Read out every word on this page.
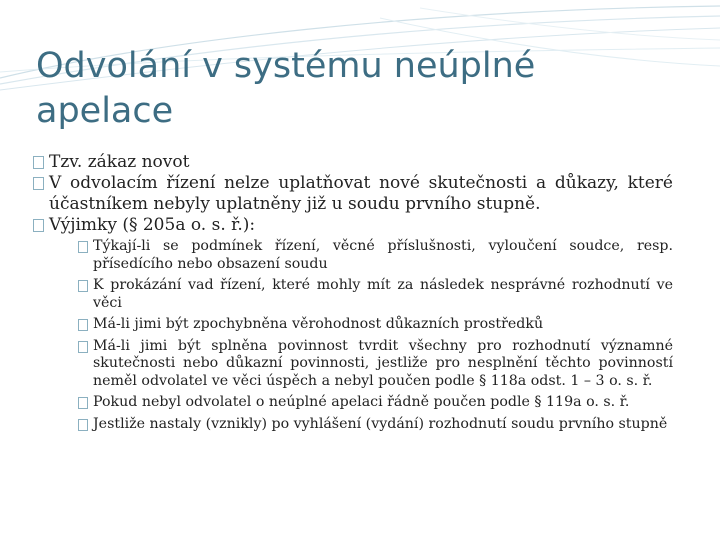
Odvolání v systému neúplné apelace
Tzv. zákaz novot
V odvolacím řízení nelze uplatňovat nové skutečnosti a důkazy, které účastníkem nebyly uplatněny již u soudu prvního stupně.
Výjimky (§ 205a o. s. ř.):
Týkají-li se podmínek řízení, věcné příslušnosti, vyloučení soudce, resp. přísedícího nebo obsazení soudu
K prokázání vad řízení, které mohly mít za následek nesprávné rozhodnutí ve věci
Má-li jimi být zpochybněna věrohodnost důkazních prostředků
Má-li jimi být splněna povinnost tvrdit všechny pro rozhodnutí významné skutečnosti nebo důkazní povinnosti, jestliže pro nesplnění těchto povinností neměl odvolatel ve věci úspěch a nebyl poučen podle § 118a odst. 1 – 3 o. s. ř.
Pokud nebyl odvolatel o neúplné apelaci řádně poučen podle § 119a o. s. ř.
Jestliže nastaly (vznikly) po vyhlášení (vydání) rozhodnutí soudu prvního stupně
